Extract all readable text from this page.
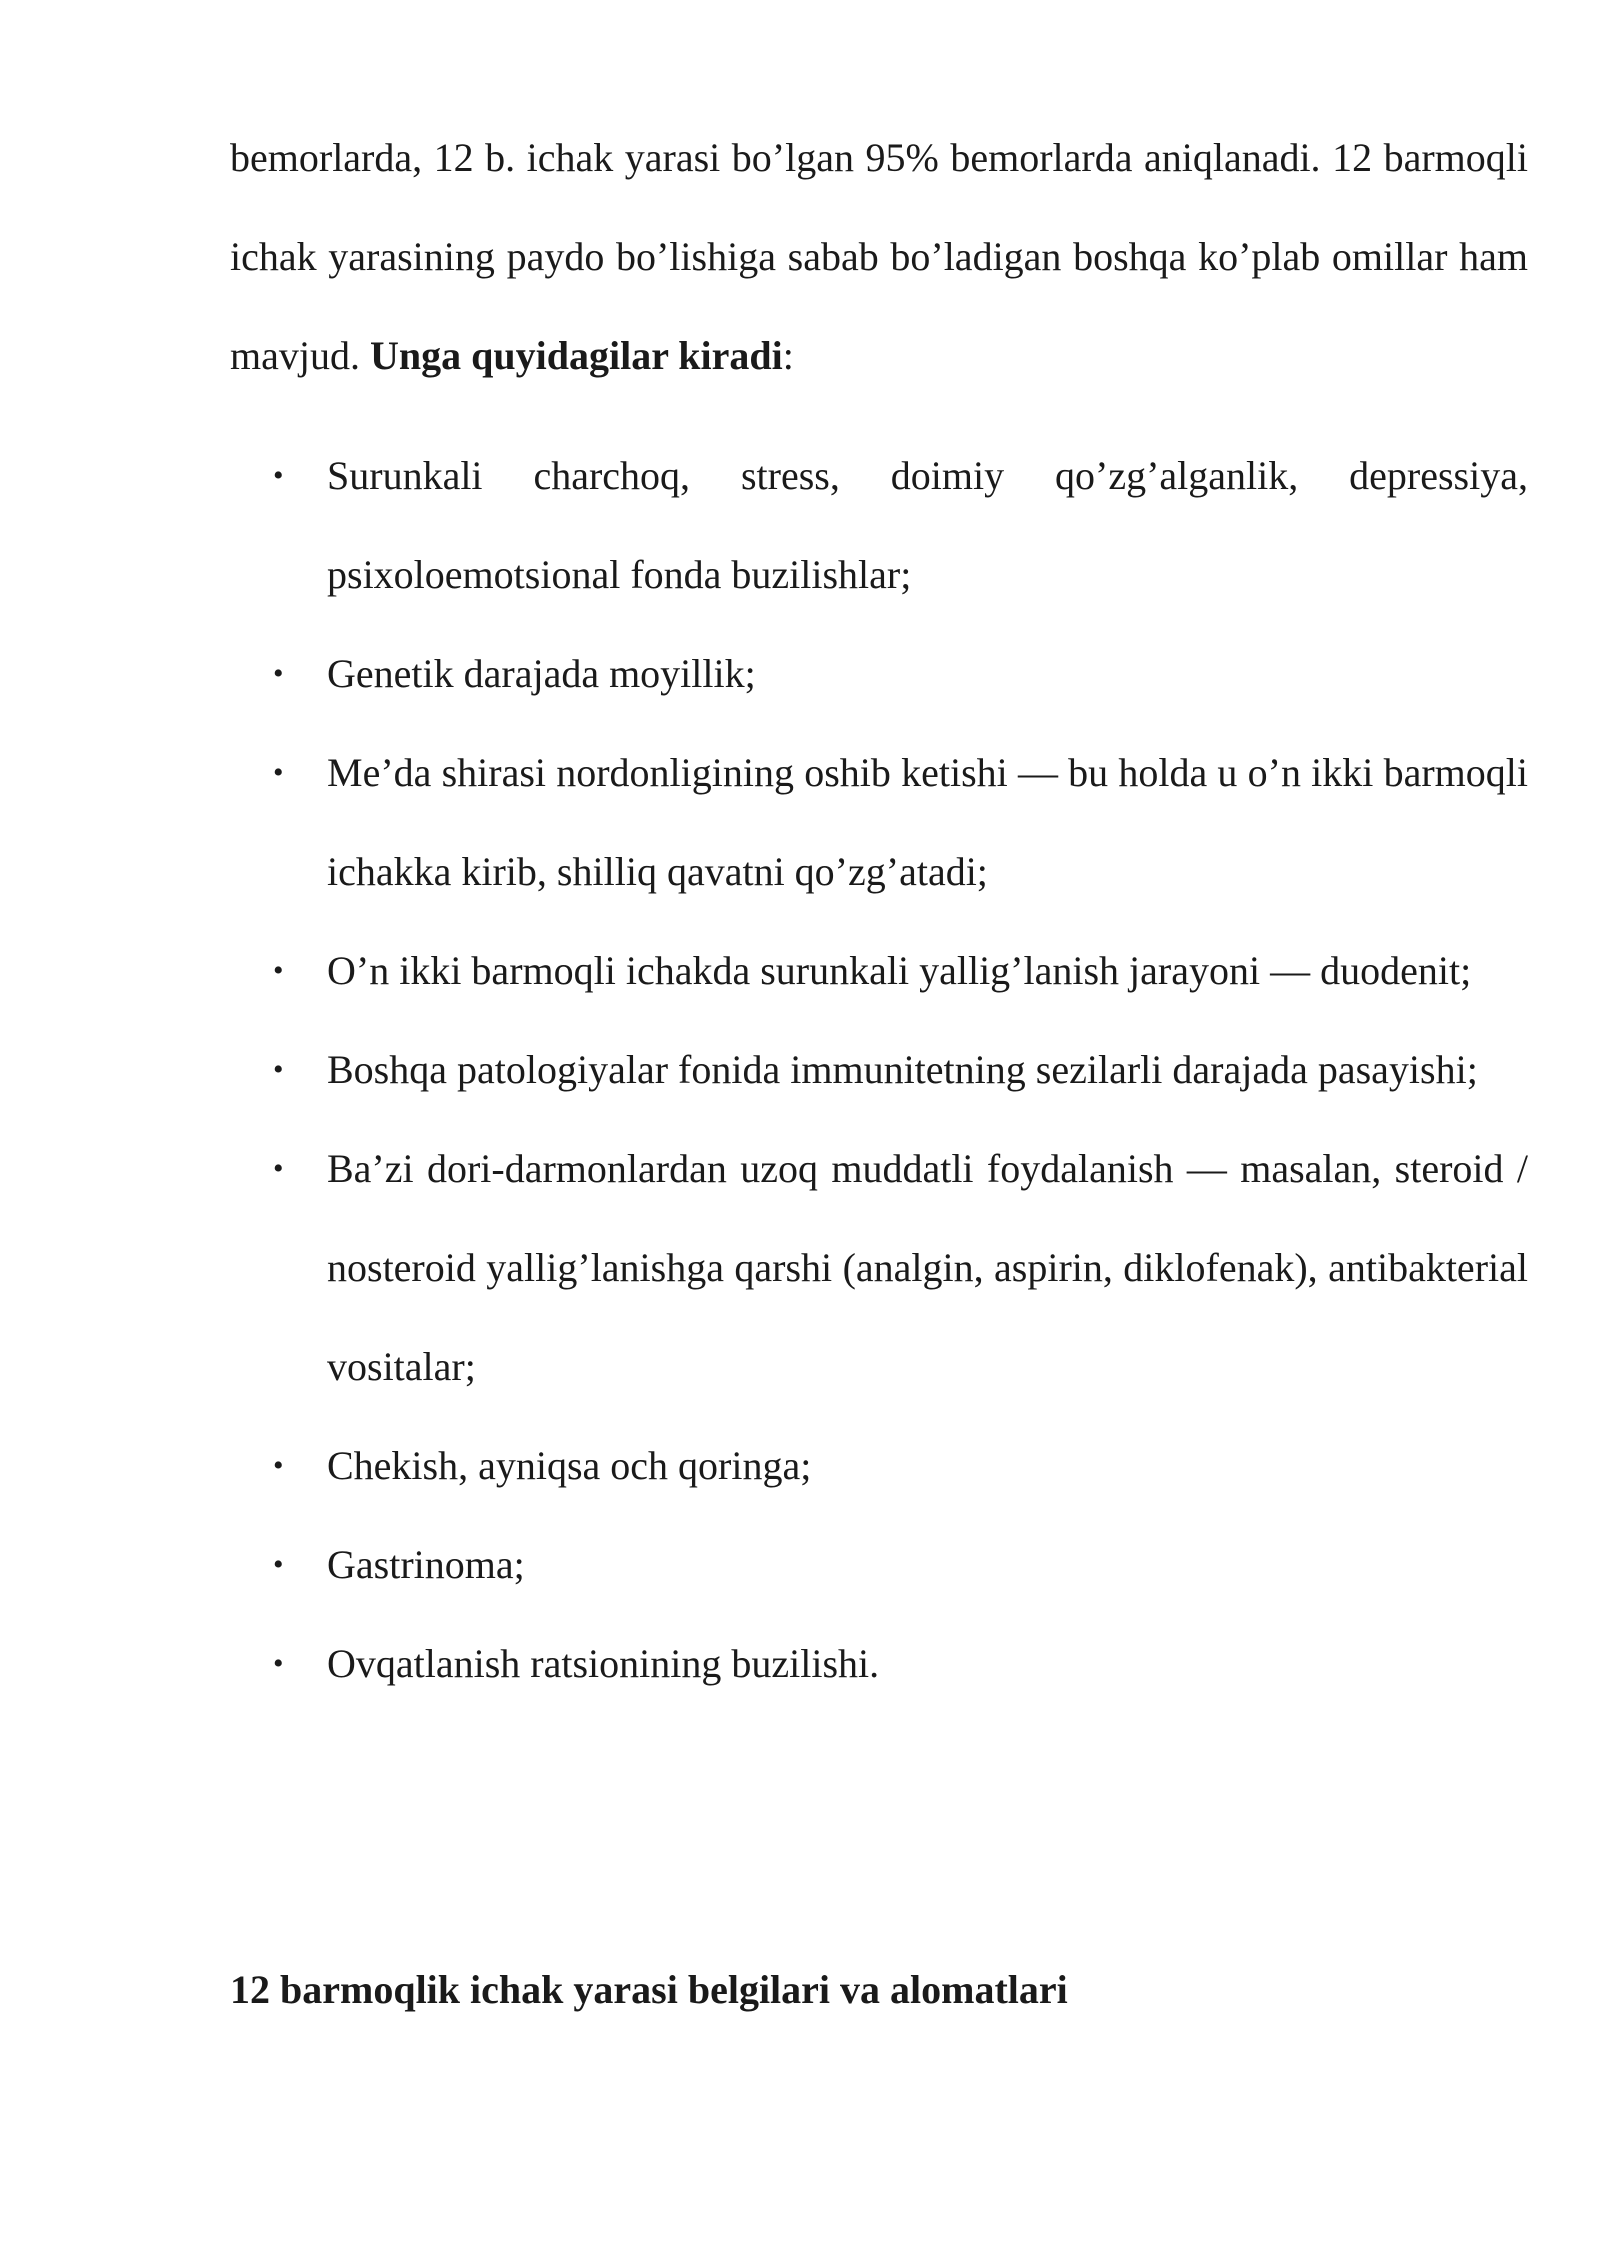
bemorlarda, 12 b. ichak yarasi bo’lgan 95% bemorlarda aniqlanadi. 12 barmoqli ichak yarasining paydo bo’lishiga sabab bo’ladigan boshqa ko’plab omillar ham mavjud. Unga quyidagilar kiradi:

• Surunkali charchoq, stress, doimiy qo’zg’alganlik, depressiya, psixoloemotsional fonda buzilishlar;
• Genetik darajada moyillik;
• Me’da shirasi nordonligining oshib ketishi — bu holda u o’n ikki barmoqli ichakka kirib, shilliq qavatni qo’zg’atadi;
• O’n ikki barmoqli ichakda surunkali yallig’lanish jarayoni — duodenit;
• Boshqa patologiyalar fonida immunitetning sezilarli darajada pasayishi;
• Ba’zi dori-darmonlardan uzoq muddatli foydalanish — masalan, steroid / nosteroid yallig’lanishga qarshi (analgin, aspirin, diklofenak), antibakterial vositalar;
• Chekish, ayniqsa och qoringa;
• Gastrinoma;
• Ovqatlanish ratsionining buzilishi.
12 barmoqlik ichak yarasi belgilari va alomatlari
